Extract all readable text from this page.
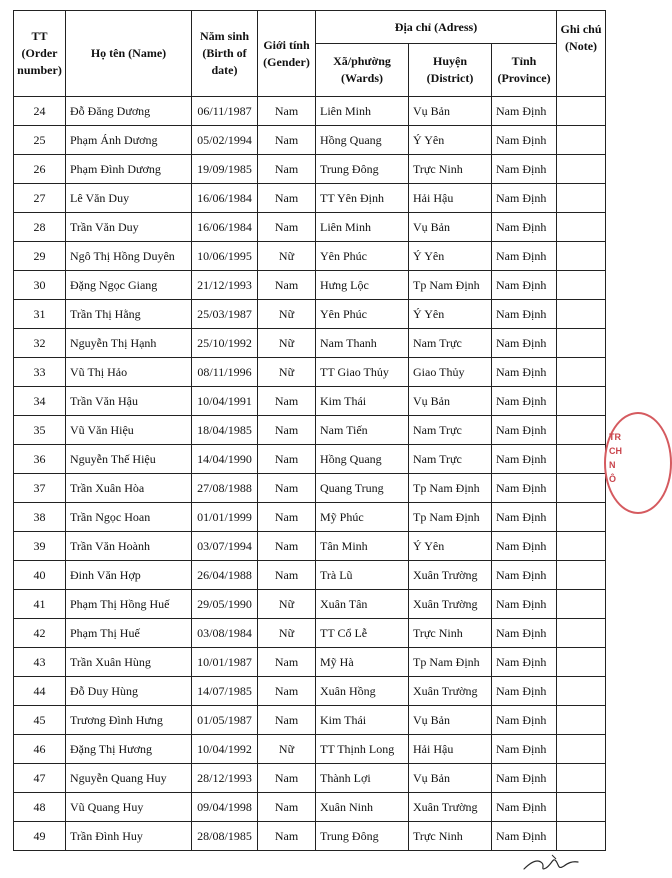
TT (Order number)	Họ tên (Name)	Năm sinh (Birth of date)	Giới tính (Gender)	Địa chỉ (Adress)			Ghi chú (Note)
				Xã/phường (Wards)	Huyện (District)	Tỉnh (Province)	
24	Đỗ Đăng Dương	06/11/1987	Nam	Liên Minh	Vụ Bản	Nam Định	
25	Phạm Ánh Dương	05/02/1994	Nam	Hồng Quang	Ý Yên	Nam Định	
26	Phạm Đình Dương	19/09/1985	Nam	Trung Đông	Trực Ninh	Nam Định	
27	Lê Văn Duy	16/06/1984	Nam	TT Yên Định	Hải Hậu	Nam Định	
28	Trần Văn Duy	16/06/1984	Nam	Liên Minh	Vụ Bản	Nam Định	
29	Ngô Thị Hồng Duyên	10/06/1995	Nữ	Yên Phúc	Ý Yên	Nam Định	
30	Đặng Ngọc Giang	21/12/1993	Nam	Hưng Lộc	Tp Nam Định	Nam Định	
31	Trần Thị Hằng	25/03/1987	Nữ	Yên Phúc	Ý Yên	Nam Định	
32	Nguyễn Thị Hạnh	25/10/1992	Nữ	Nam Thanh	Nam Trực	Nam Định	
33	Vũ Thị Hảo	08/11/1996	Nữ	TT Giao Thủy	Giao Thủy	Nam Định	
34	Trần Văn Hậu	10/04/1991	Nam	Kim Thái	Vụ Bản	Nam Định	
35	Vũ Văn Hiệu	18/04/1985	Nam	Nam Tiến	Nam Trực	Nam Định	
36	Nguyễn Thế Hiệu	14/04/1990	Nam	Hồng Quang	Nam Trực	Nam Định	
37	Trần Xuân Hòa	27/08/1988	Nam	Quang Trung	Tp Nam Định	Nam Định	
38	Trần Ngọc Hoan	01/01/1999	Nam	Mỹ Phúc	Tp Nam Định	Nam Định	
39	Trần Văn Hoành	03/07/1994	Nam	Tân Minh	Ý Yên	Nam Định	
40	Đinh Văn Hợp	26/04/1988	Nam	Trà Lũ	Xuân Trường	Nam Định	
41	Phạm Thị Hồng Huế	29/05/1990	Nữ	Xuân Tân	Xuân Trường	Nam Định	
42	Phạm Thị Huế	03/08/1984	Nữ	TT Cổ Lễ	Trực Ninh	Nam Định	
43	Trần Xuân Hùng	10/01/1987	Nam	Mỹ Hà	Tp Nam Định	Nam Định	
44	Đỗ Duy Hùng	14/07/1985	Nam	Xuân Hồng	Xuân Trường	Nam Định	
45	Trương Đình Hưng	01/05/1987	Nam	Kim Thái	Vụ Bản	Nam Định	
46	Đặng Thị Hương	10/04/1992	Nữ	TT Thịnh Long	Hải Hậu	Nam Định	
47	Nguyễn Quang Huy	28/12/1993	Nam	Thành Lợi	Vụ Bản	Nam Định	
48	Vũ Quang Huy	09/04/1998	Nam	Xuân Ninh	Xuân Trường	Nam Định	
49	Trần Đình Huy	28/08/1985	Nam	Trung Đông	Trực Ninh	Nam Định	
TR
CH
N
Ô
